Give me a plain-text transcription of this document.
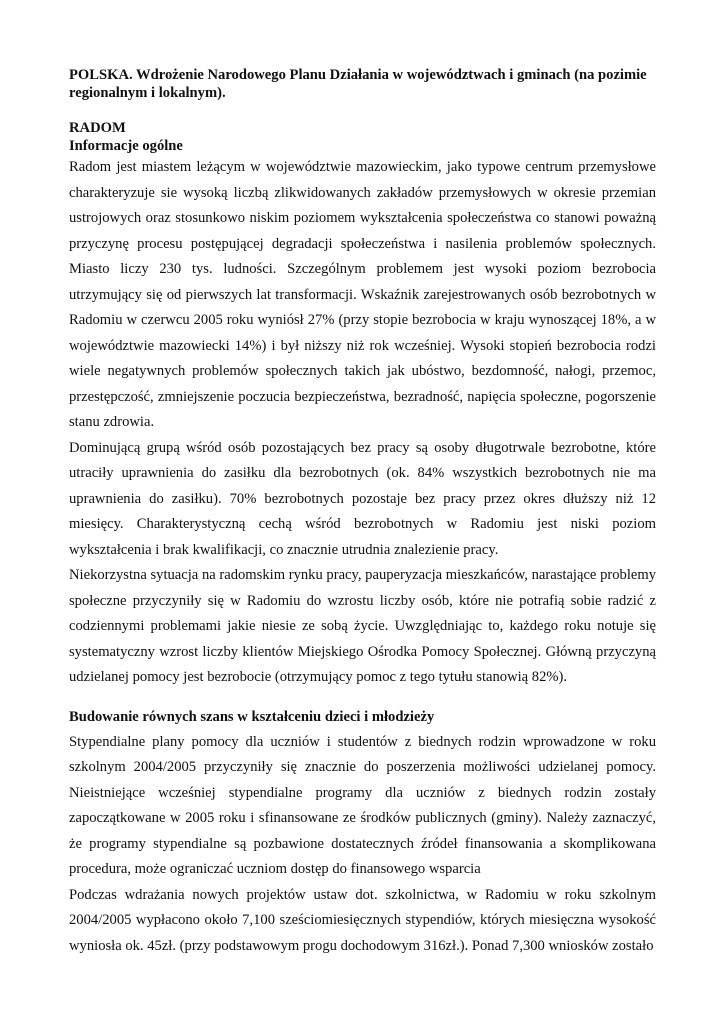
POLSKA. Wdrożenie Narodowego Planu Działania w województwach i gminach (na pozimie regionalnym i lokalnym).

RADOM

Informacje ogólne

Radom jest miastem leżącym w województwie mazowieckim, jako typowe centrum przemysłowe charakteryzuje sie wysoką liczbą zlikwidowanych zakładów przemysłowych w okresie przemian ustrojowych oraz stosunkowo niskim poziomem wykształcenia społeczeństwa co stanowi poważną przyczynę procesu postępującej degradacji społeczeństwa i nasilenia problemów społecznych. Miasto liczy 230 tys. ludności. Szczególnym problemem jest wysoki poziom bezrobocia utrzymujący się od pierwszych lat transformacji. Wskaźnik zarejestrowanych osób bezrobotnych w Radomiu w czerwcu 2005 roku wyniósł 27% (przy stopie bezrobocia w kraju wynoszącej 18%, a w województwie mazowiecki 14%) i był niższy niż rok wcześniej. Wysoki stopień bezrobocia rodzi wiele negatywnych problemów społecznych takich jak ubóstwo, bezdomność, nałogi, przemoc, przestępczość, zmniejszenie poczucia bezpieczeństwa, bezradność, napięcia społeczne, pogorszenie stanu zdrowia.

Dominującą grupą wśród osób pozostających bez pracy są osoby długotrwale bezrobotne, które utraciły uprawnienia do zasiłku dla bezrobotnych (ok. 84% wszystkich bezrobotnych nie ma uprawnienia do zasiłku). 70% bezrobotnych pozostaje bez pracy przez okres dłuższy niż 12 miesięcy. Charakterystyczną cechą wśród bezrobotnych w Radomiu jest niski poziom wykształcenia i brak kwalifikacji, co znacznie utrudnia znalezienie pracy.

Niekorzystna sytuacja na radomskim rynku pracy, pauperyzacja mieszkańców, narastające problemy społeczne przyczyniły się w Radomiu do wzrostu liczby osób, które nie potrafią sobie radzić z codziennymi problemami jakie niesie ze sobą życie. Uwzględniając to, każdego roku notuje się systematyczny wzrost liczby klientów Miejskiego Ośrodka Pomocy Społecznej. Główną przyczyną udzielanej pomocy jest bezrobocie (otrzymujący pomoc z tego tytułu stanowią 82%).

Budowanie równych szans w kształceniu dzieci i młodzieży

Stypendialne plany pomocy dla uczniów i studentów z biednych rodzin wprowadzone w roku szkolnym 2004/2005 przyczyniły się znacznie do poszerzenia możliwości udzielanej pomocy. Nieistniejące wcześniej stypendialne programy dla uczniów z biednych rodzin zostały zapoczątkowane w 2005 roku i sfinansowane ze środków publicznych (gminy). Należy zaznaczyć, że programy stypendialne są pozbawione dostatecznych źródeł finansowania a skomplikowana procedura, może ograniczać uczniom dostęp do finansowego wsparcia

Podczas wdrażania nowych projektów ustaw dot. szkolnictwa, w Radomiu w roku szkolnym 2004/2005 wypłacono około 7,100 sześciomiesięcznych stypendiów, których miesięczna wysokość wyniosła ok. 45zł. (przy podstawowym progu dochodowym 316zł.). Ponad 7,300 wniosków zostało
